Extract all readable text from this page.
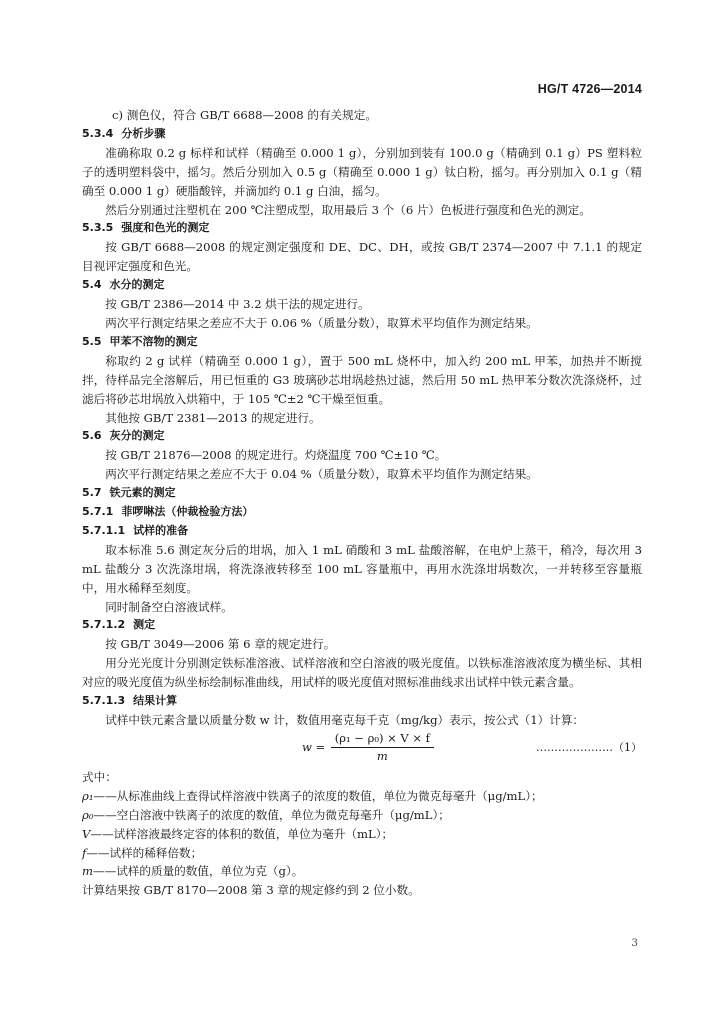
HG/T 4726—2014

c) 测色仪，符合 GB/T 6688—2008 的有关规定。

5.3.4 分析步骤

准确称取 0.2 g 标样和试样（精确至 0.000 1 g），分别加到装有 100.0 g（精确到 0.1 g）PS 塑料粒子的透明塑料袋中，摇匀。然后分别加入 0.5 g（精确至 0.000 1 g）钛白粉，摇匀。再分别加入 0.1 g（精确至 0.000 1 g）硬脂酸锌，并滴加约 0.1 g 白油，摇匀。

然后分别通过注塑机在 200 ℃注塑成型，取用最后 3 个（6 片）色板进行强度和色光的测定。

5.3.5 强度和色光的测定

按 GB/T 6688—2008 的规定测定强度和 DE、DC、DH，或按 GB/T 2374—2007 中 7.1.1 的规定目视评定强度和色光。

5.4 水分的测定

按 GB/T 2386—2014 中 3.2 烘干法的规定进行。

两次平行测定结果之差应不大于 0.06 %（质量分数），取算术平均值作为测定结果。

5.5 甲苯不溶物的测定

称取约 2 g 试样（精确至 0.000 1 g），置于 500 mL 烧杯中，加入约 200 mL 甲苯，加热并不断搅拌，待样品完全溶解后，用已恒重的 G3 玻璃砂芯坩埚趁热过滤，然后用 50 mL 热甲苯分数次洗涤烧杯，过滤后将砂芯坩埚放入烘箱中，于 105 ℃±2 ℃干燥至恒重。

其他按 GB/T 2381—2013 的规定进行。

5.6 灰分的测定

按 GB/T 21876—2008 的规定进行。灼烧温度 700 ℃±10 ℃。

两次平行测定结果之差应不大于 0.04 %（质量分数），取算术平均值作为测定结果。

5.7 铁元素的测定

5.7.1 菲啰啉法（仲裁检验方法）

5.7.1.1 试样的准备

取本标准 5.6 测定灰分后的坩埚，加入 1 mL 硝酸和 3 mL 盐酸溶解，在电炉上蒸干，稍冷，每次用 3 mL 盐酸分 3 次洗涤坩埚，将洗涤液转移至 100 mL 容量瓶中，再用水洗涤坩埚数次，一并转移至容量瓶中，用水稀释至刻度。

同时制备空白溶液试样。

5.7.1.2 测定

按 GB/T 3049—2006 第 6 章的规定进行。

用分光光度计分别测定铁标准溶液、试样溶液和空白溶液的吸光度值。以铁标准溶液浓度为横坐标、其相对应的吸光度值为纵坐标绘制标准曲线，用试样的吸光度值对照标准曲线求出试样中铁元素含量。

5.7.1.3 结果计算

试样中铁元素含量以质量分数 w 计，数值用毫克每千克（mg/kg）表示，按公式（1）计算：

$w = \frac{\text{(ρ₁ − ρ₀) × V × f}}{m}$	…………………（1）

式中：

ρ₁——从标准曲线上查得试样溶液中铁离子的浓度的数值，单位为微克每毫升（μg/mL）；

ρ₀——空白溶液中铁离子的浓度的数值，单位为微克每毫升（μg/mL）；

V——试样溶液最终定容的体积的数值，单位为毫升（mL）；

f——试样的稀释倍数；

m——试样的质量的数值，单位为克（g）。

计算结果按 GB/T 8170—2008 第 3 章的规定修约到 2 位小数。

3
